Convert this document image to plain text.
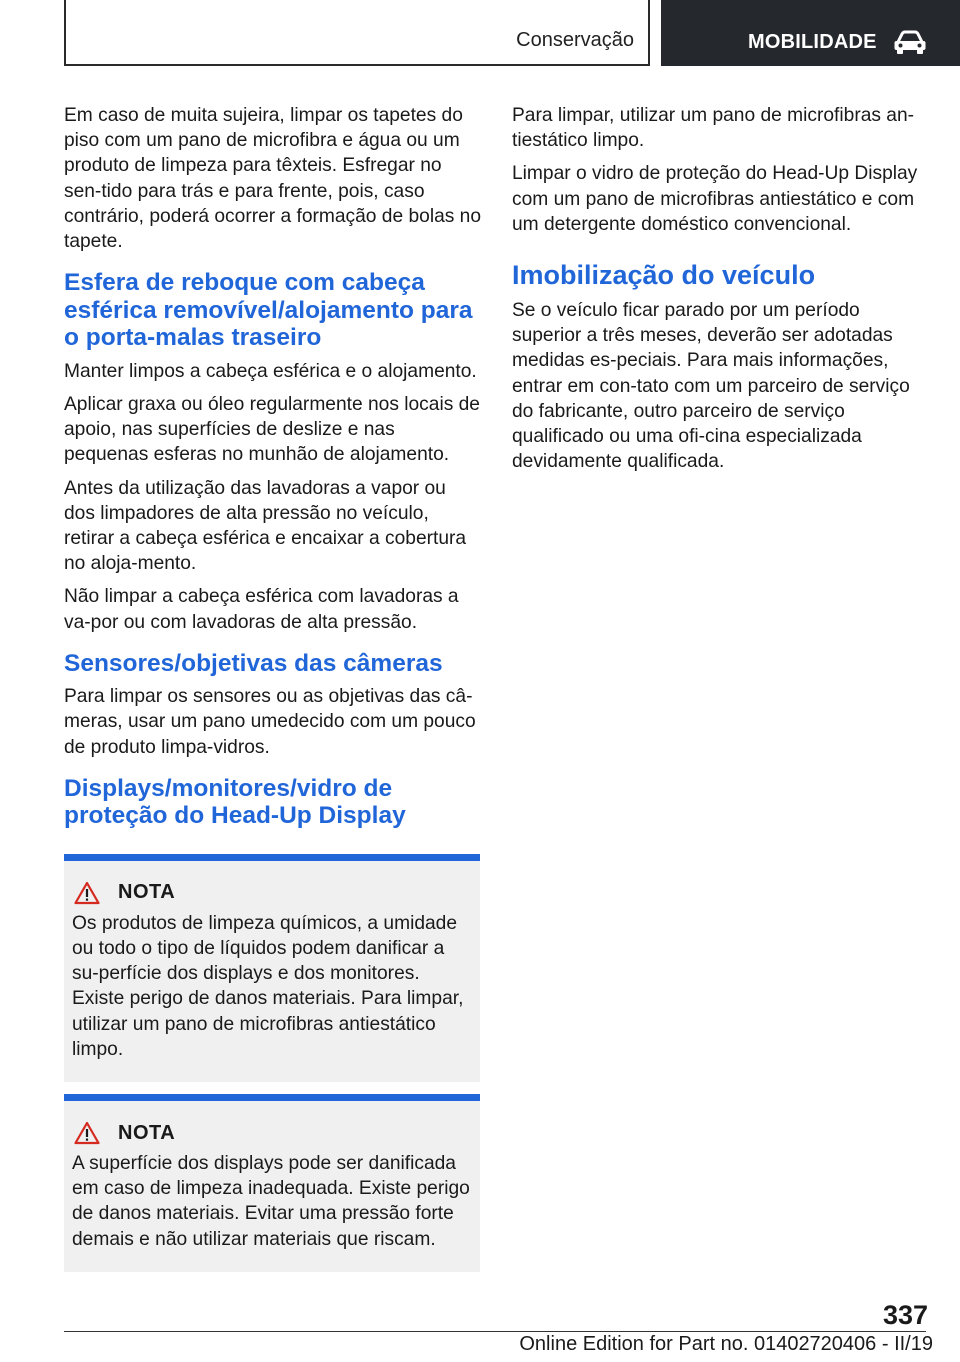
Conservação	MOBILIDADE

Em caso de muita sujeira, limpar os tapetes do piso com um pano de microfibra e água ou um produto de limpeza para têxteis. Esfregar no sen-tido para trás e para frente, pois, caso contrário, poderá ocorrer a formação de bolas no tapete.

Esfera de reboque com cabeça esférica removível/alojamento para o porta-malas traseiro

Manter limpos a cabeça esférica e o alojamento.

Aplicar graxa ou óleo regularmente nos locais de apoio, nas superfícies de deslize e nas pequenas esferas no munhão de alojamento.

Antes da utilização das lavadoras a vapor ou dos limpadores de alta pressão no veículo, retirar a cabeça esférica e encaixar a cobertura no aloja-mento.

Não limpar a cabeça esférica com lavadoras a va-por ou com lavadoras de alta pressão.

Sensores/objetivas das câmeras

Para limpar os sensores ou as objetivas das câ-meras, usar um pano umedecido com um pouco de produto limpa-vidros.

Displays/monitores/vidro de proteção do Head-Up Display
NOTA

Os produtos de limpeza químicos, a umidade ou todo o tipo de líquidos podem danificar a su-perfície dos displays e dos monitores. Existe perigo de danos materiais. Para limpar, utilizar um pano de microfibras antiestático limpo.

NOTA

A superfície dos displays pode ser danificada em caso de limpeza inadequada. Existe perigo de danos materiais. Evitar uma pressão forte demais e não utilizar materiais que riscam.

Para limpar, utilizar um pano de microfibras an-tiestático limpo.

Limpar o vidro de proteção do Head-Up Display com um pano de microfibras antiestático e com um detergente doméstico convencional.

Imobilização do veículo

Se o veículo ficar parado por um período superior a três meses, deverão ser adotadas medidas es-peciais. Para mais informações, entrar em con-tato com um parceiro de serviço do fabricante, outro parceiro de serviço qualificado ou uma ofi-cina especializada devidamente qualificada.

337
Online Edition for Part no. 01402720406 - II/19
